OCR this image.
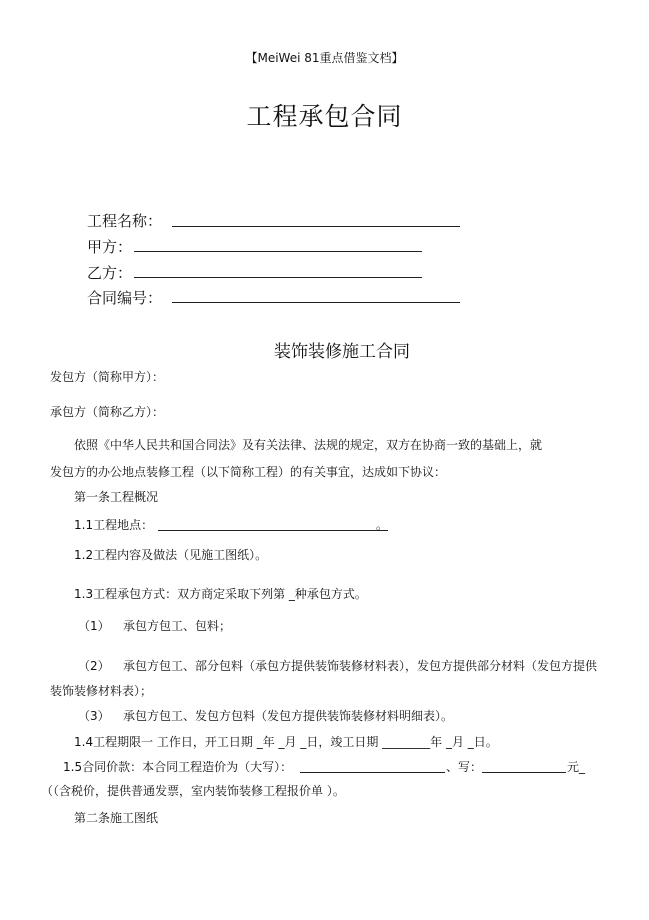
【MeiWei 81重点借鉴文档】
工程承包合同
工程名称：
甲方：
乙方：
合同编号：
装饰装修施工合同
发包方（简称甲方）：
承包方（简称乙方）：
依照《中华人民共和国合同法》及有关法律、法规的规定，双方在协商一致的基础上，就
发包方的办公地点装修工程（以下简称工程）的有关事宜，达成如下协议：
第一条工程概况
1.1工程地点：	。
1.2工程内容及做法（见施工图纸）。
1.3工程承包方式：双方商定采取下列第 _种承包方式。
（1） 承包方包工、包料；
（2） 承包方包工、部分包料（承包方提供装饰装修材料表），发包方提供部分材料（发包方提供
装饰装修材料表）；
（3） 承包方包工、发包方包料（发包方提供装饰装修材料明细表）。
1.4工程期限一 工作日，开工日期 _年 _月 _日，竣工日期 ________年 _月 _日。
1.5合同价款：本合同工程造价为（大写）：	、写：	元_
（（含税价，提供普通发票，室内装饰装修工程报价单 ）。
第二条施工图纸
